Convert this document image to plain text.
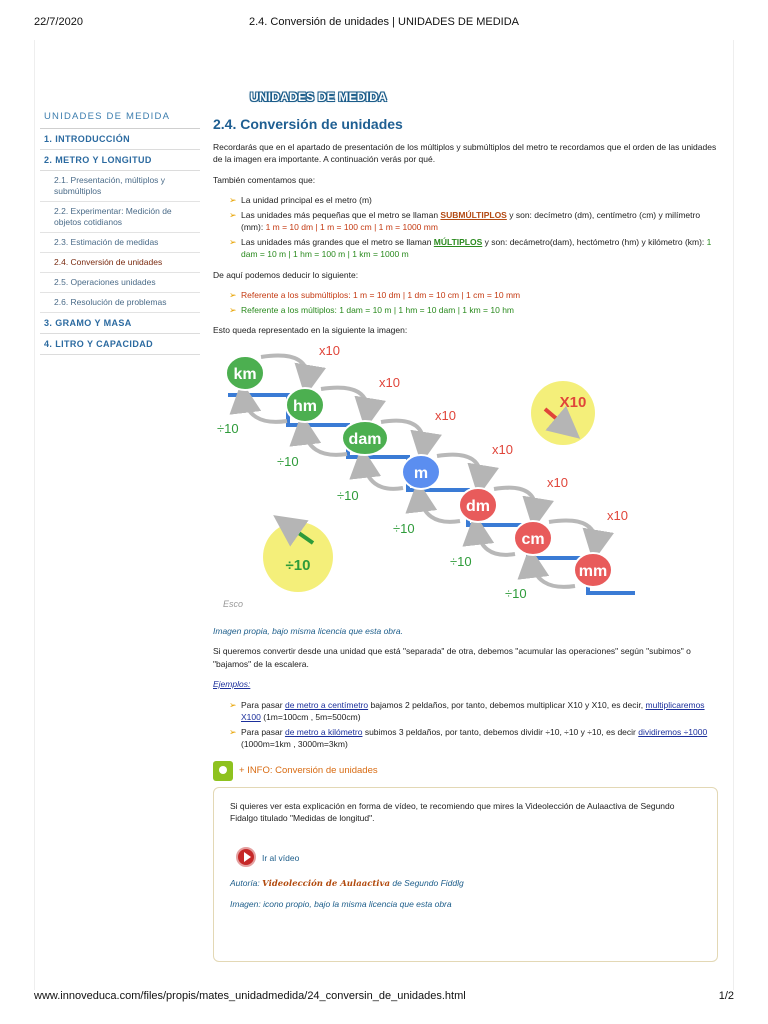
22/7/2020	2.4. Conversión de unidades | UNIDADES DE MEDIDA
UNIDADES DE MEDIDA
UNIDADES DE MEDIDA
1. INTRODUCCIÓN
2. METRO Y LONGITUD
2.1. Presentación, múltiplos y submúltiplos
2.2. Experimentar: Medición de objetos cotidianos
2.3. Estimación de medidas
2.4. Conversión de unidades
2.5. Operaciones unidades
2.6. Resolución de problemas
3. GRAMO Y MASA
4. LITRO Y CAPACIDAD
2.4. Conversión de unidades

Recordarás que en el apartado de presentación de los múltiplos y submúltiplos del metro te recordamos que el orden de las unidades de la imagen era importante. A continuación verás por qué.

También comentamos que:

➢ La unidad principal es el metro (m)
➢ Las unidades más pequeñas que el metro se llaman SUBMÚLTIPLOS y son: decímetro (dm), centímetro (cm) y milímetro (mm): 1 m = 10 dm | 1 m = 100 cm | 1 m = 1000 mm
➢ Las unidades más grandes que el metro se llaman MÚLTIPLOS y son: decámetro(dam), hectómetro (hm) y kilómetro (km): 1 dam = 10 m | 1 hm = 100 m | 1 km = 1000 m

De aquí podemos deducir lo siguiente:

➢ Referente a los submúltiplos: 1 m = 10 dm | 1 dm = 10 cm | 1 cm = 10 mm
➢ Referente a los múltiplos: 1 dam = 10 m | 1 hm = 10 dam | 1 km = 10 hm

Esto queda representado en la siguiente la imagen:

X10
÷10
x10
÷10
x10
÷10
x10
÷10
x10
÷10
x10
÷10
x10
÷10
km
hm
dam
m
dm
cm
mm
Esco

Imagen propia, bajo misma licencia que esta obra.

Si queremos convertir desde una unidad que está "separada" de otra, debemos "acumular las operaciones" según "subimos" o "bajamos" de la escalera.

Ejemplos:

➢ Para pasar de metro a centímetro bajamos 2 peldaños, por tanto, debemos multiplicar X10 y X10, es decir, multiplicaremos X100 (1m=100cm , 5m=500cm)
➢ Para pasar de metro a kilómetro subimos 3 peldaños, por tanto, debemos dividir ÷10, ÷10 y ÷10, es decir dividiremos ÷1000 (1000m=1km , 3000m=3km)
+ INFO: Conversión de unidades

Si quieres ver esta explicación en forma de vídeo, te recomiendo que mires la Videolección de Aulaactiva de Segundo Fidalgo titulado "Medidas de longitud".

Ir al vídeo

Autoría: Videolección de Aulaactiva de Segundo Fiddlg

Imagen: icono propio, bajo la misma licencia que esta obra

www.innoveduca.com/files/propis/mates_unidadmedida/24_conversin_de_unidades.html	1/2
